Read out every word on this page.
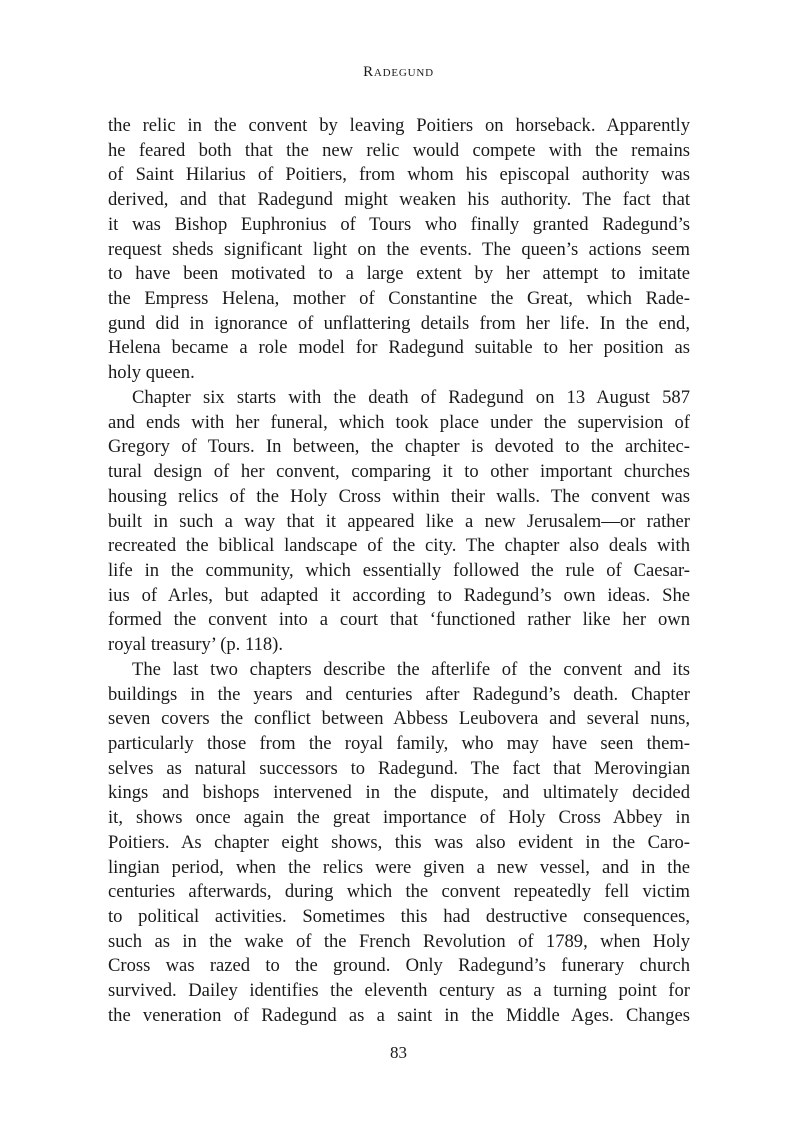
Radegund
the relic in the convent by leaving Poitiers on horseback. Apparently
he feared both that the new relic would compete with the remains
of Saint Hilarius of Poitiers, from whom his episcopal authority was
derived, and that Radegund might weaken his authority. The fact that
it was Bishop Euphronius of Tours who finally granted Radegund’s
request sheds significant light on the events. The queen’s actions seem
to have been motivated to a large extent by her attempt to imitate
the Empress Helena, mother of Constantine the Great, which Rade-
gund did in ignorance of unflattering details from her life. In the end,
Helena became a role model for Radegund suitable to her position as
holy queen.
Chapter six starts with the death of Radegund on 13 August 587
and ends with her funeral, which took place under the supervision of
Gregory of Tours. In between, the chapter is devoted to the architec-
tural design of her convent, comparing it to other important churches
housing relics of the Holy Cross within their walls. The convent was
built in such a way that it appeared like a new Jerusalem—or rather
recreated the biblical landscape of the city. The chapter also deals with
life in the community, which essentially followed the rule of Caesar-
ius of Arles, but adapted it according to Radegund’s own ideas. She
formed the convent into a court that ‘functioned rather like her own
royal treasury’ (p. 118).
The last two chapters describe the afterlife of the convent and its
buildings in the years and centuries after Radegund’s death. Chapter
seven covers the conflict between Abbess Leubovera and several nuns,
particularly those from the royal family, who may have seen them-
selves as natural successors to Radegund. The fact that Merovingian
kings and bishops intervened in the dispute, and ultimately decided
it, shows once again the great importance of Holy Cross Abbey in
Poitiers. As chapter eight shows, this was also evident in the Caro-
lingian period, when the relics were given a new vessel, and in the
centuries afterwards, during which the convent repeatedly fell victim
to political activities. Sometimes this had destructive consequences,
such as in the wake of the French Revolution of 1789, when Holy
Cross was razed to the ground. Only Radegund’s funerary church
survived. Dailey identifies the eleventh century as a turning point for
the veneration of Radegund as a saint in the Middle Ages. Changes
83
